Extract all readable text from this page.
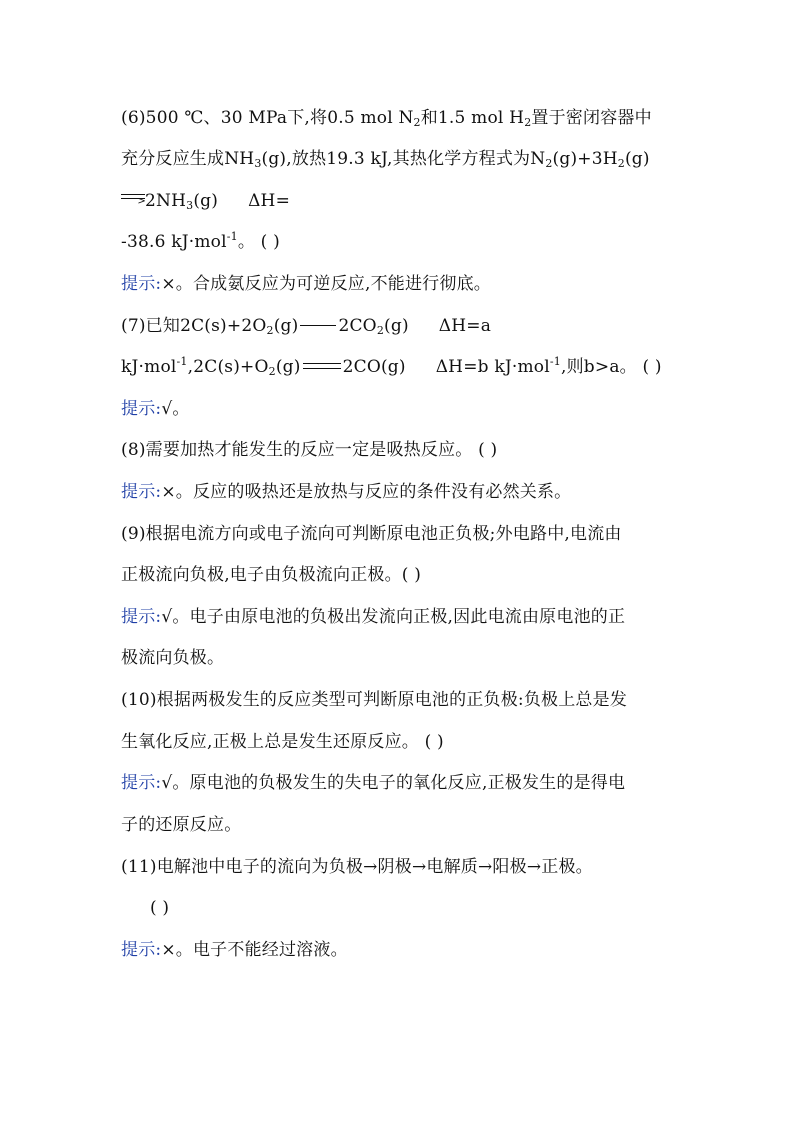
(6)500 ℃、30 MPa下,将0.5 mol $N_2$和1.5 mol $H_2$置于密闭容器中
充分反应生成$NH_3(g)$,放热19.3 kJ,其热化学方程式为$N_2(g)+3H_2(g)$
> $2NH_3(g)$ ΔH=
-38.6 kJ·mol$^{-1}$。 ( )
提示:×。合成氨反应为可逆反应,不能进行彻底。
(7)已知$2C(s)+2O_2(g)$ $2CO_2(g)$ ΔH=a
$kJ\cdot mol^{-1},2C(s)+O_2(g)$ 2CO(g) ΔH=b kJ·mol$^{-1}$,则b>a。 ( )
提示:√。
(8)需要加热才能发生的反应一定是吸热反应。 ( )
提示:×。反应的吸热还是放热与反应的条件没有必然关系。
(9)根据电流方向或电子流向可判断原电池正负极;外电路中,电流由
正极流向负极,电子由负极流向正极。( )
提示:√。电子由原电池的负极出发流向正极,因此电流由原电池的正
极流向负极。
(10)根据两极发生的反应类型可判断原电池的正负极:负极上总是发
生氧化反应,正极上总是发生还原反应。 ( )
提示:√。原电池的负极发生的失电子的氧化反应,正极发生的是得电
子的还原反应。
(11)电解池中电子的流向为负极→阴极→电解质→阳极→正极。
( )
提示:×。电子不能经过溶液。
